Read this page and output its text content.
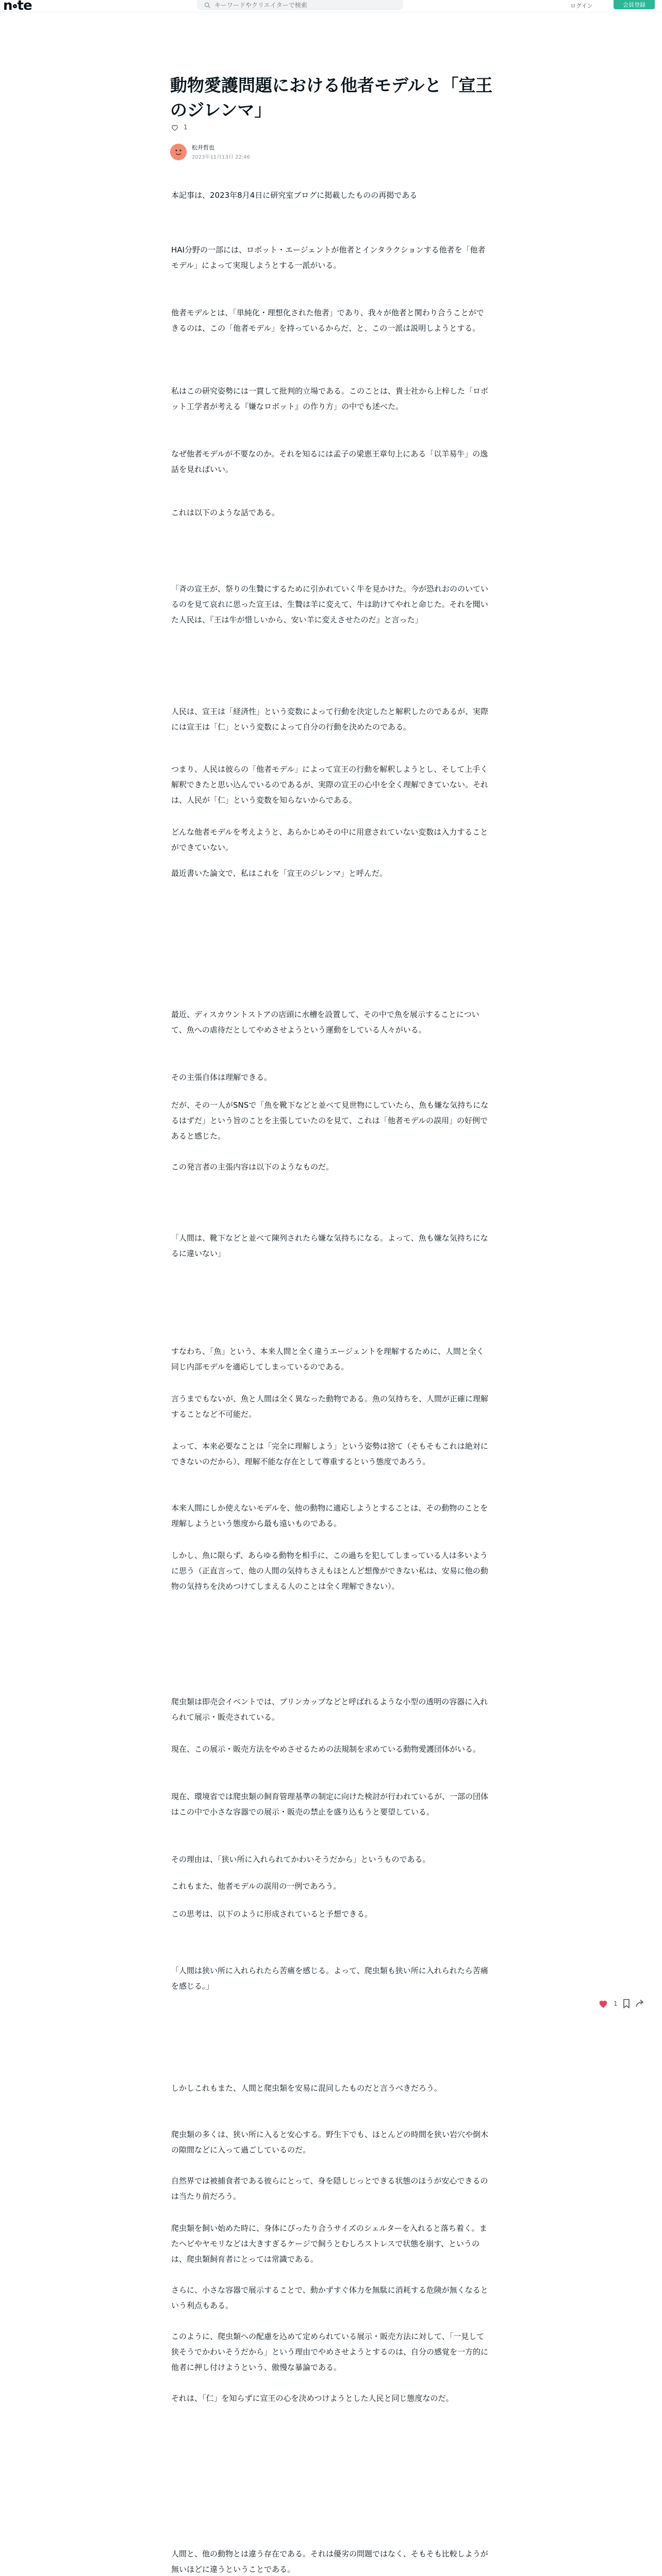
n te
キーワードやクリエイターで検索	ログイン	会員登録
動物愛護問題における他者モデルと「宣王のジレンマ」
1
松井哲也
2023年11月13日 22:46

本記事は、2023年8月4日に研究室ブログに掲載したものの再掲である

HAI分野の一部には、ロボット・エージェントが他者とインタラクションする他者を「他者モデル」によって実現しようとする一派がいる。

他者モデルとは、「単純化・理想化された他者」であり、我々が他者と関わり合うことができるのは、この「他者モデル」を持っているからだ、と、この一派は説明しようとする。

私はこの研究姿勢には一貫して批判的立場である。このことは、貴士社から上梓した「ロボット工学者が考える『嫌なロボット』の作り方」の中でも述べた。

なぜ他者モデルが不要なのか。それを知るには孟子の梁恵王章句上にある「以羊易牛」の逸話を見ればいい。

これは以下のような話である。

「斉の宣王が、祭りの生贄にするために引かれていく牛を見かけた。今が恐れおののいているのを見て哀れに思った宣王は、生贄は羊に変えて、牛は助けてやれと命じた。それを聞いた人民は、『王は牛が惜しいから、安い羊に変えさせたのだ』と言った」

人民は、宣王は「経済性」という変数によって行動を決定したと解釈したのであるが、実際には宣王は「仁」という変数によって自分の行動を決めたのである。

つまり、人民は彼らの「他者モデル」によって宣王の行動を解釈しようとし、そして上手く解釈できたと思い込んでいるのであるが、実際の宣王の心中を全く理解できていない。それは、人民が「仁」という変数を知らないからである。

どんな他者モデルを考えようと、あらかじめその中に用意されていない変数は入力することができていない。

最近書いた論文で、私はこれを「宣王のジレンマ」と呼んだ。

最近、ディスカウントストアの店頭に水槽を設置して、その中で魚を展示することについて、魚への虐待だとしてやめさせようという運動をしている人々がいる。

その主張自体は理解できる。

だが、その一人がSNSで「魚を靴下などと並べて見世物にしていたら、魚も嫌な気持ちになるはずだ」という旨のことを主張していたのを見て、これは「他者モデルの誤用」の好例であると感じた。

この発言者の主張内容は以下のようなものだ。

「人間は、靴下などと並べて陳列されたら嫌な気持ちになる。よって、魚も嫌な気持ちになるに違いない」

すなわち、「魚」という、本来人間と全く違うエージェントを理解するために、人間と全く同じ内部モデルを適応してしまっているのである。

言うまでもないが、魚と人間は全く異なった動物である。魚の気持ちを、人間が正確に理解することなど不可能だ。

よって、本来必要なことは「完全に理解しよう」という姿勢は捨て（そもそもこれは絶対にできないのだから）、理解不能な存在として尊重するという態度であろう。

本来人間にしか使えないモデルを、他の動物に適応しようとすることは、その動物のことを理解しようという態度から最も遠いものである。

しかし、魚に限らず、あらゆる動物を相手に、この過ちを犯してしまっている人は多いように思う（正直言って、他の人間の気持ちさえもほとんど想像ができない私は、安易に他の動物の気持ちを決めつけてしまえる人のことは全く理解できない）。

爬虫類は即売会イベントでは、プリンカップなどと呼ばれるような小型の透明の容器に入れられて展示・販売されている。

現在、この展示・販売方法をやめさせるための法規制を求めている動物愛護団体がいる。

現在、環境省では爬虫類の飼育管理基準の制定に向けた検討が行われているが、一部の団体はこの中で小さな容器での展示・販売の禁止を盛り込もうと要望している。

その理由は、「狭い所に入れられてかわいそうだから」というものである。

これもまた、他者モデルの誤用の一例であろう。

この思考は、以下のように形成されていると予想できる。

「人間は狭い所に入れられたら苦痛を感じる。よって、爬虫類も狭い所に入れられたら苦痛を感じる。」

しかしこれもまた、人間と爬虫類を安易に混同したものだと言うべきだろう。

爬虫類の多くは、狭い所に入ると安心する。野生下でも、ほとんどの時間を狭い岩穴や倒木の隙間などに入って過ごしているのだ。

自然界では被捕食者である彼らにとって、身を隠しじっとできる状態のほうが安心できるのは当たり前だろう。

爬虫類を飼い始めた時に、身体にぴったり合うサイズのシェルターを入れると落ち着く。またヘビやヤモリなどは大きすぎるケージで飼うとむしろストレスで状態を崩す、というのは、爬虫類飼育者にとっては常識である。

さらに、小さな容器で展示することで、動かずすぐ体力を無駄に消耗する危険が無くなるという利点もある。

このように、爬虫類への配慮を込めて定められている展示・販売方法に対して、「一見して狭そうでかわいそうだから」という理由でやめさせようとするのは、自分の感覚を一方的に他者に押し付けようという、傲慢な暴論である。

それは、「仁」を知らずに宣王の心を決めつけようとした人民と同じ態度なのだ。

人間と、他の動物とは違う存在である。それは優劣の問題ではなく、そもそも比較しようが無いほどに違うということである。

1
